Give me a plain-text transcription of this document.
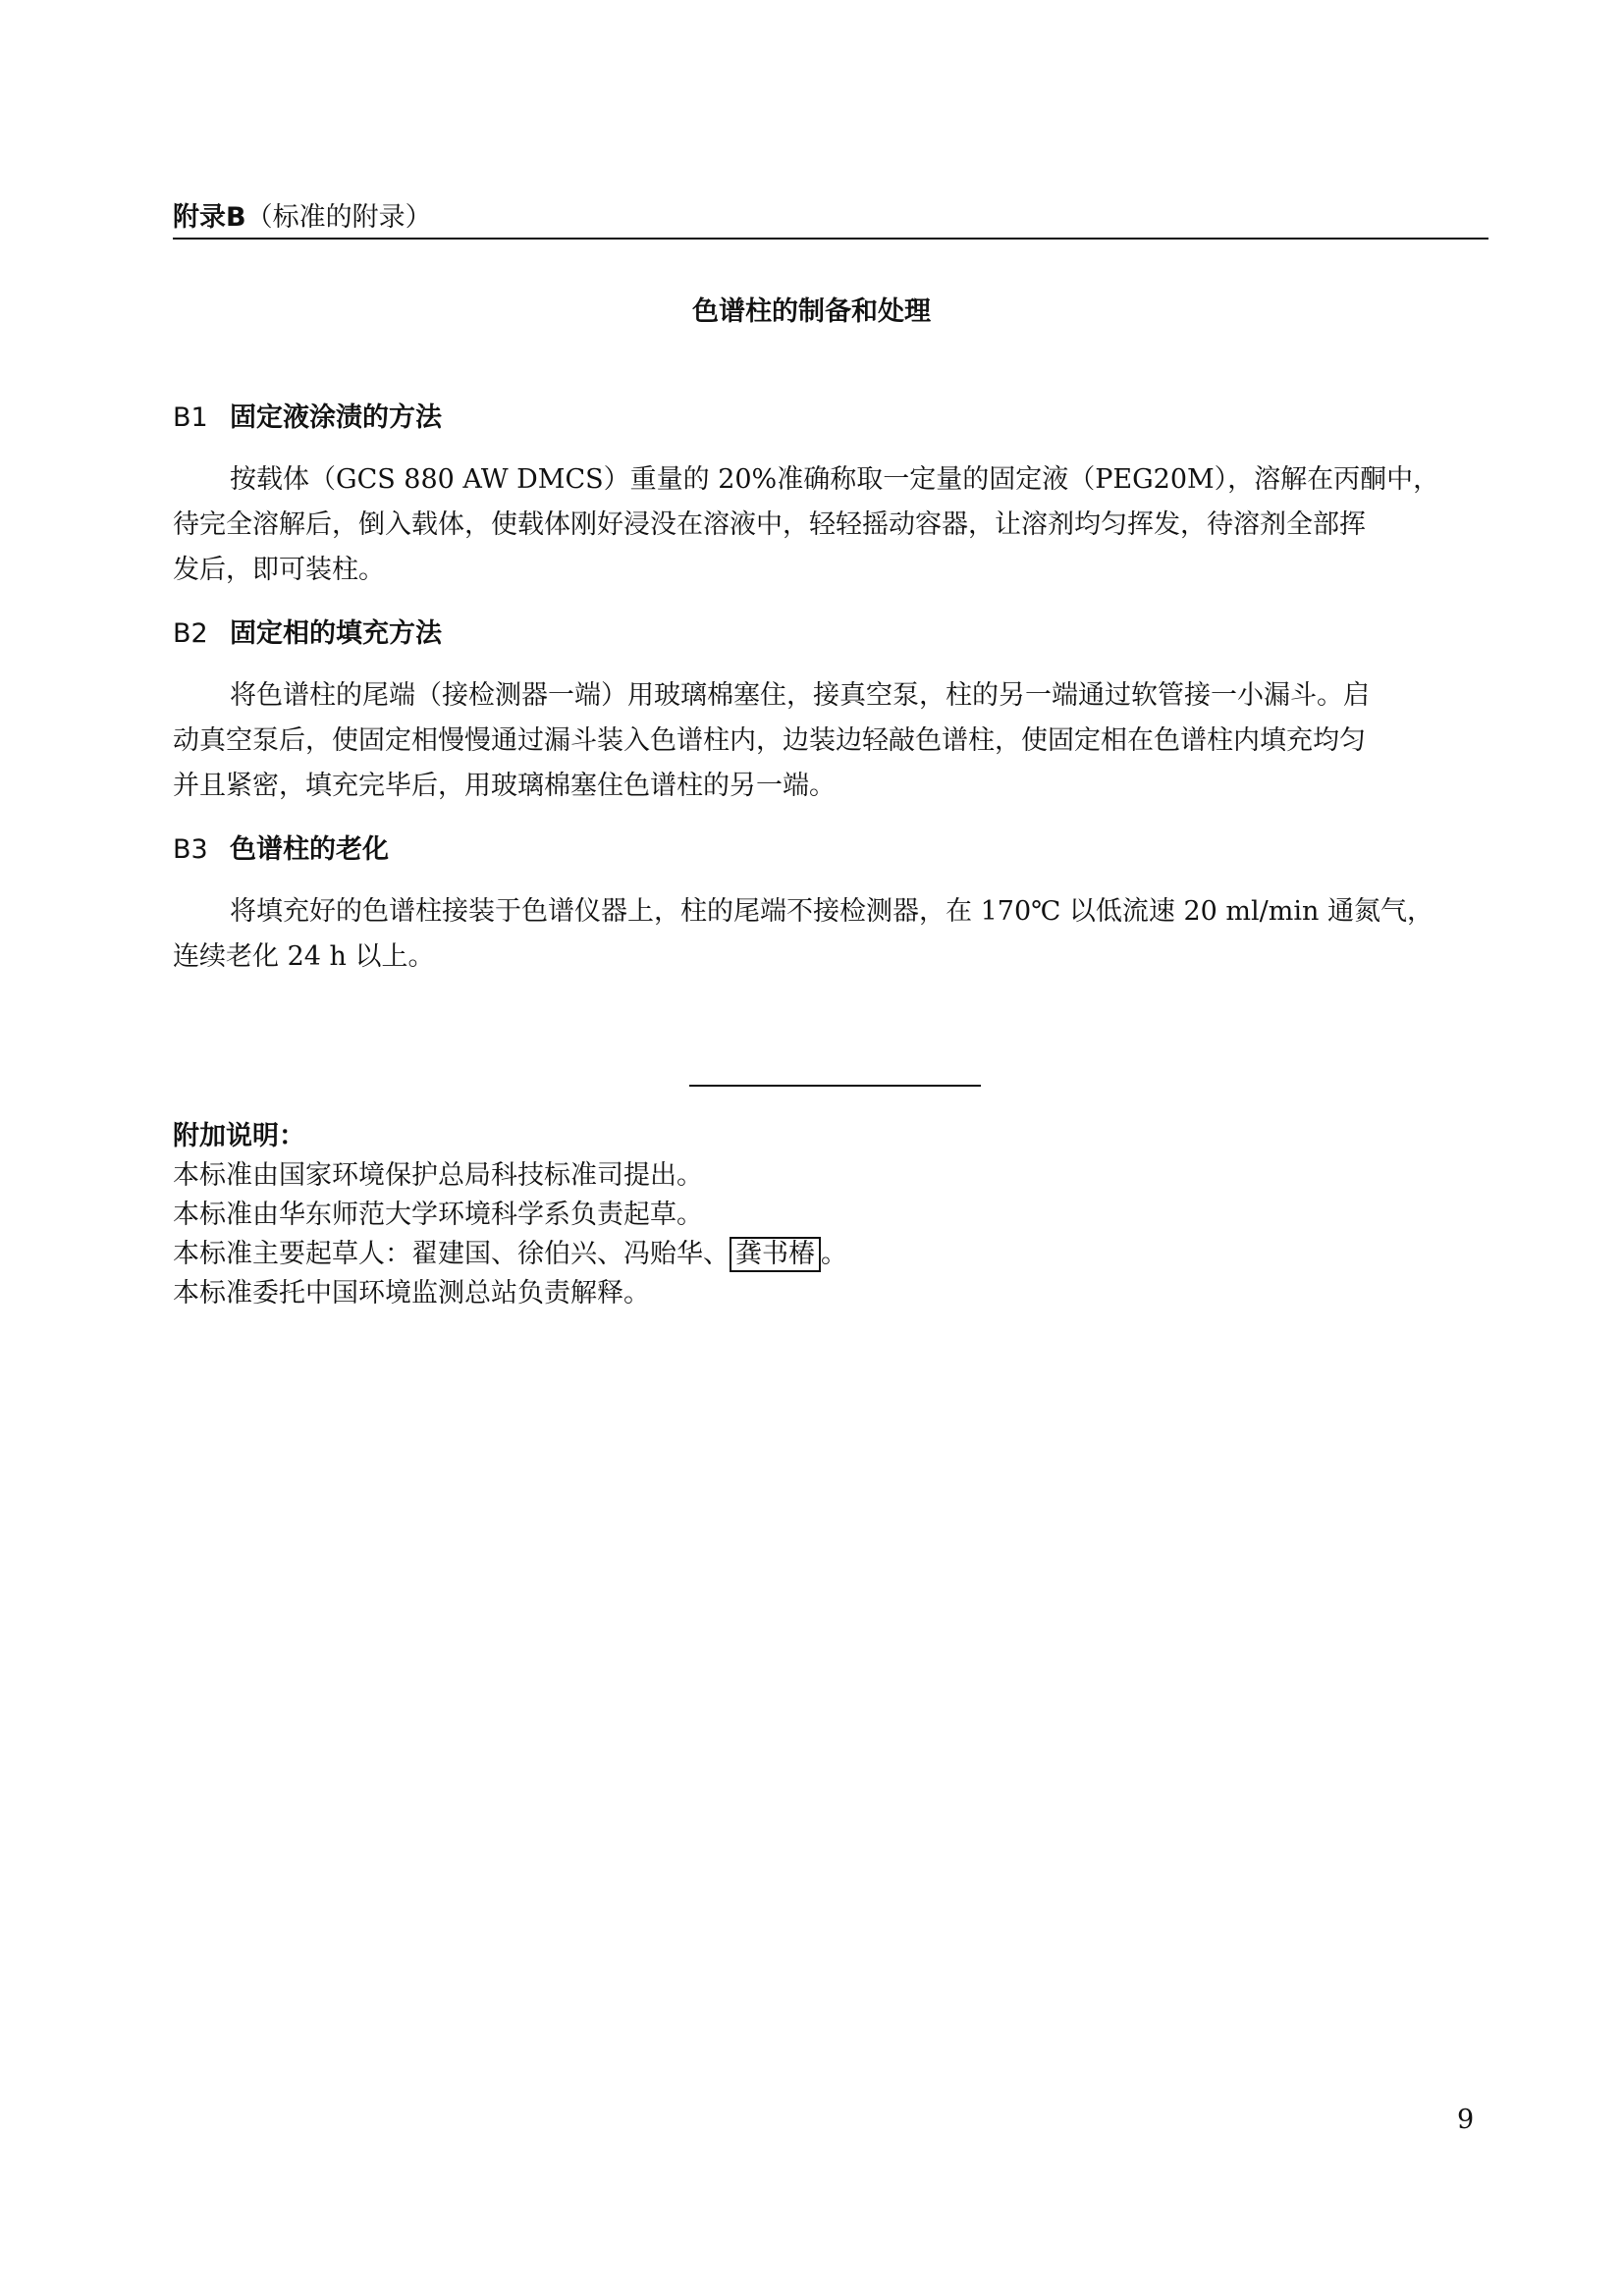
附录B（标准的附录）
色谱柱的制备和处理
B1 固定液涂渍的方法
按载体（GCS 880 AW DMCS）重量的 20%准确称取一定量的固定液（PEG20M），溶解在丙酮中，
待完全溶解后，倒入载体，使载体刚好浸没在溶液中，轻轻摇动容器，让溶剂均匀挥发，待溶剂全部挥
发后，即可装柱。
B2 固定相的填充方法
将色谱柱的尾端（接检测器一端）用玻璃棉塞住，接真空泵，柱的另一端通过软管接一小漏斗。启
动真空泵后，使固定相慢慢通过漏斗装入色谱柱内，边装边轻敲色谱柱，使固定相在色谱柱内填充均匀
并且紧密，填充完毕后，用玻璃棉塞住色谱柱的另一端。
B3 色谱柱的老化
将填充好的色谱柱接装于色谱仪器上，柱的尾端不接检测器，在 170℃ 以低流速 20 ml/min 通氮气，
连续老化 24 h 以上。
附加说明：
本标准由国家环境保护总局科技标准司提出。
本标准由华东师范大学环境科学系负责起草。
本标准主要起草人：翟建国、徐伯兴、冯贻华、 龚书椿 。
本标准委托中国环境监测总站负责解释。
9
